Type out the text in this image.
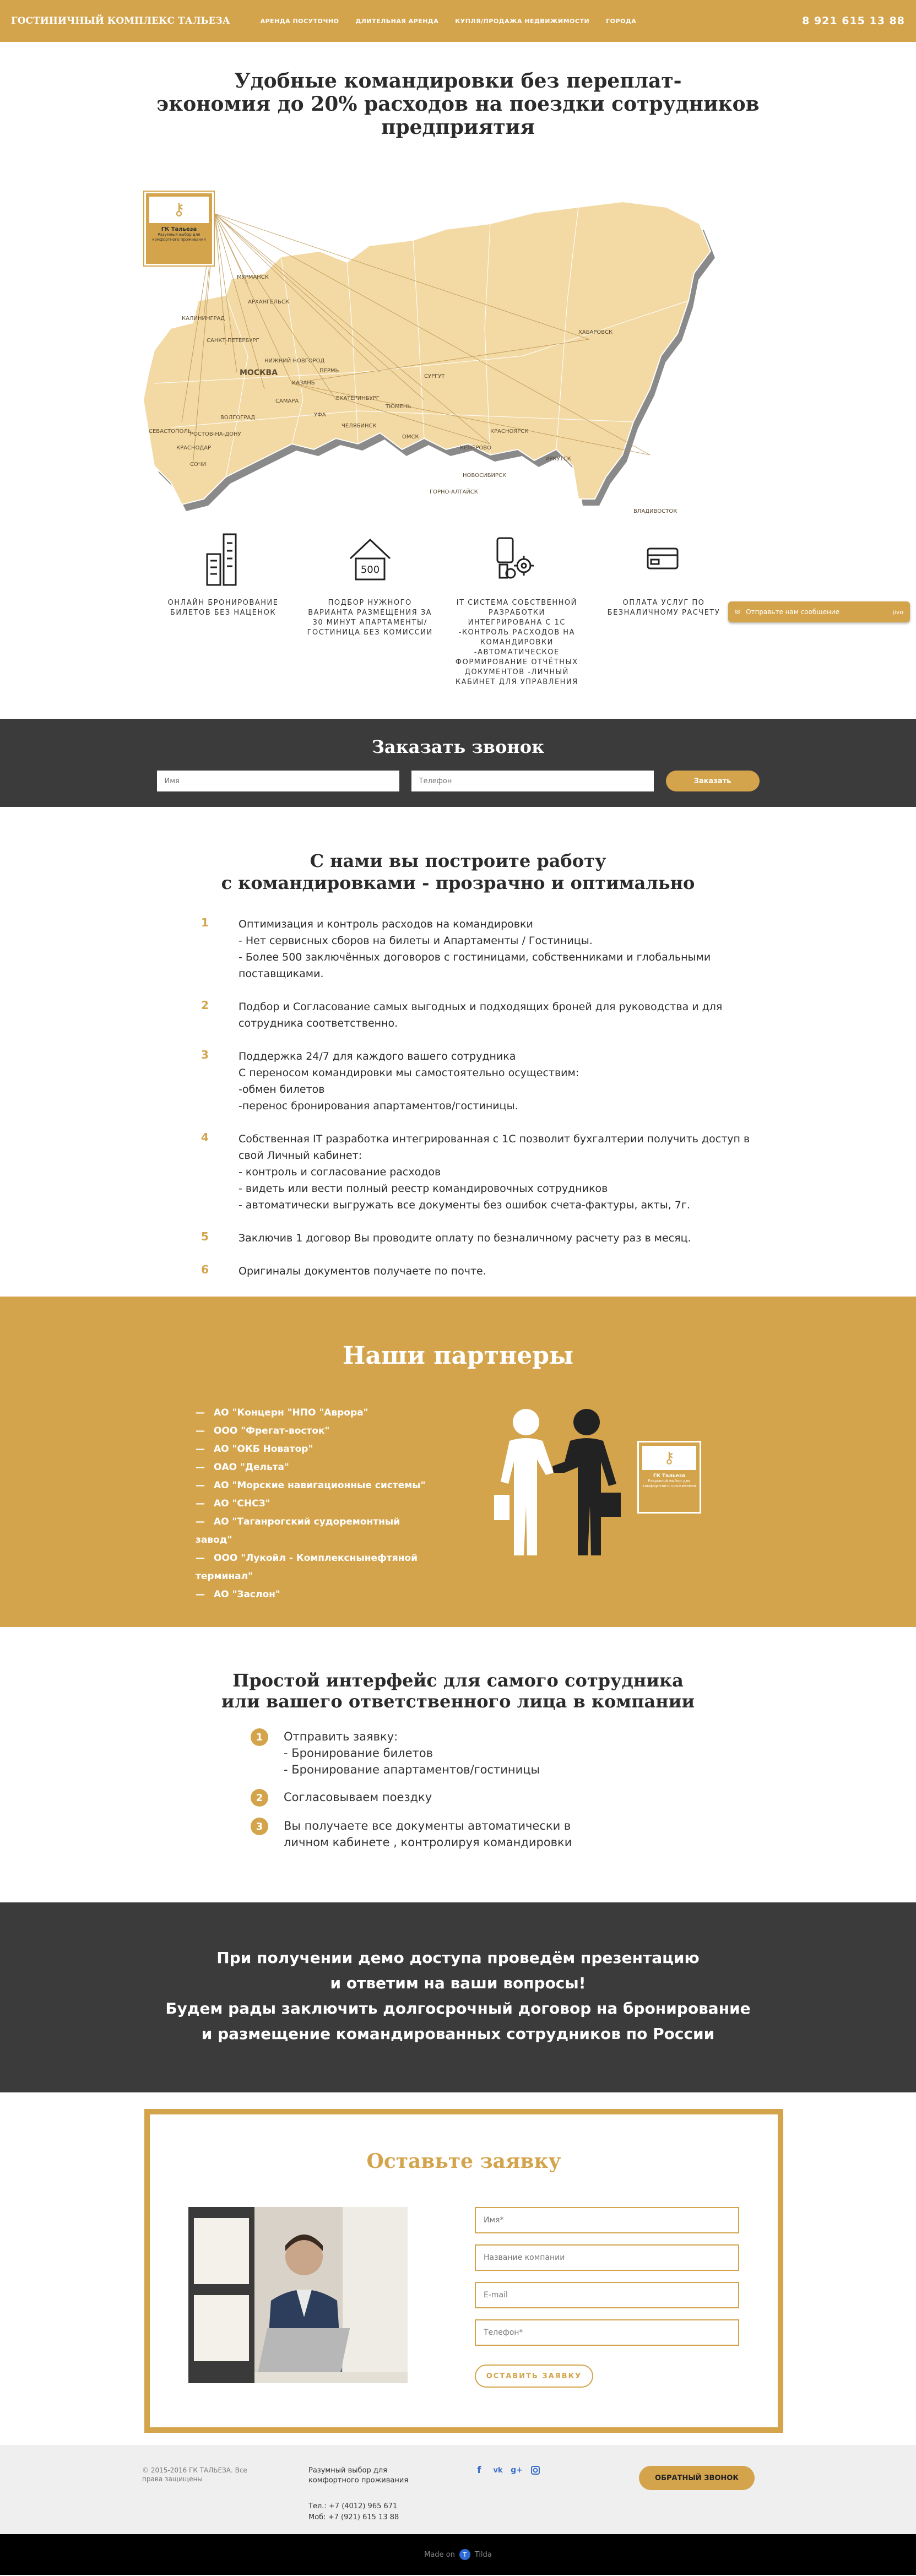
ГОСТИНИЧНЫЙ КОМПЛЕКС ТАЛЬЕЗА	АРЕНДА ПОСУТОЧНО	ДЛИТЕЛЬНАЯ АРЕНДА	КУПЛЯ/ПРОДАЖА НЕДВИЖИМОСТИ	ГОРОДА	8 921 615 13 88
Удобные командировки без переплат-
экономия до 20% расходов на поездки сотрудников
предприятия
МУРМАНСК
АРХАНГЕЛЬСК
КАЛИНИНГРАД
САНКТ-ПЕТЕРБУРГ
МОСКВА
НИЖНИЙ НОВГОРОД
КАЗАНЬ
САМАРА
ВОЛГОГРАД
РОСТОВ-НА-ДОНУ
КРАСНОДАР
СОЧИ
СЕВАСТОПОЛЬ
ЕКАТЕРИНБУРГ
ПЕРМЬ
УФА
ЧЕЛЯБИНСК
ТЮМЕНЬ
ОМСК
НОВОСИБИРСК
КЕМЕРОВО
КРАСНОЯРСК
ИРКУТСК
ХАБАРОВСК
ВЛАДИВОСТОК
СУРГУТ
ГОРНО-АЛТАЙСК
⚷
ГК Тальеза
Разумный выбор для комфортного проживания

ОНЛАЙН БРОНИРОВАНИЕ БИЛЕТОВ БЕЗ НАЦЕНОК

500

ПОДБОР НУЖНОГО ВАРИАНТА РАЗМЕЩЕНИЯ ЗА 30 МИНУТ АПАРТАМЕНТЫ/ГОСТИНИЦА БЕЗ КОМИССИИ

IT СИСТЕМА СОБСТВЕННОЙ РАЗРАБОТКИ ИНТЕГРИРОВАНА С 1С -КОНТРОЛЬ РАСХОДОВ НА КОМАНДИРОВКИ -АВТОМАТИЧЕСКОЕ ФОРМИРОВАНИЕ ОТЧЁТНЫХ ДОКУМЕНТОВ -ЛИЧНЫЙ КАБИНЕТ ДЛЯ УПРАВЛЕНИЯ

ОПЛАТА УСЛУГ ПО БЕЗНАЛИЧНОМУ РАСЧЕТУ	✉ Отправьте нам сообщение	jivo
Заказать звонок
Имя
Телефон
Заказать
С нами вы построите работу
с командировками - прозрачно и оптимально
1	Оптимизация и контроль расходов на командировки
- Нет сервисных сборов на билеты и Апартаменты / Гостиницы.
- Более 500 заключённых договоров с гостиницами, собственниками и глобальными поставщиками.
2	Подбор и Согласование самых выгодных и подходящих броней для руководства и для сотрудника соответственно.
3	Поддержка 24/7 для каждого вашего сотрудника
С переносом командировки мы самостоятельно осуществим:
-обмен билетов
-перенос бронирования апартаментов/гостиницы.
4	Собственная IT разработка интегрированная с 1С позволит бухгалтерии получить доступ в свой Личный кабинет:
- контроль и согласование расходов
- видеть или вести полный реестр командировочных сотрудников
- автоматически выгружать все документы без ошибок счета-фактуры, акты, 7г.
5	Заключив 1 договор Вы проводите оплату по безналичному расчету раз в месяц.
6	Оригиналы документов получаете по почте.
Наши партнеры
— АО "Концерн "НПО "Аврора"
— ООО "Фрегат-восток"
— АО "ОКБ Новатор"
— ОАО "Дельта"
— АО "Морские навигационные системы"
— АО "СНСЗ"
— АО "Таганрогский судоремонтный завод"
— ООО "Лукойл - Комплекснынефтяной терминал"
— АО "Заслон"
⚷
ГК Тальеза
Разумный выбор для комфортного проживания
Простой интерфейс для самого сотрудника
или вашего ответственного лица в компании
1	Отправить заявку:
- Бронирование билетов
- Бронирование апартаментов/гостиницы
2	Согласовываем поездку
3	Вы получаете все документы автоматически в
личном кабинете , контролируя командировки

При получении демо доступа проведём презентацию
и ответим на ваши вопросы!
Будем рады заключить долгосрочный договор на бронирование
и размещение командированных сотрудников по России

Оставьте заявку
Имя*
Название компании
E-mail
Телефон* ОСТАВИТЬ ЗАЯВКУ
© 2015-2016 ГК ТАЛЬЕЗА. Все права защищены
Разумный выбор для комфортного проживания
Тел.: +7 (4012) 965 671
Моб: +7 (921) 615 13 88
f	vk g+
ОБРАТНЫЙ ЗВОНОК
Made on	T	Tilda
